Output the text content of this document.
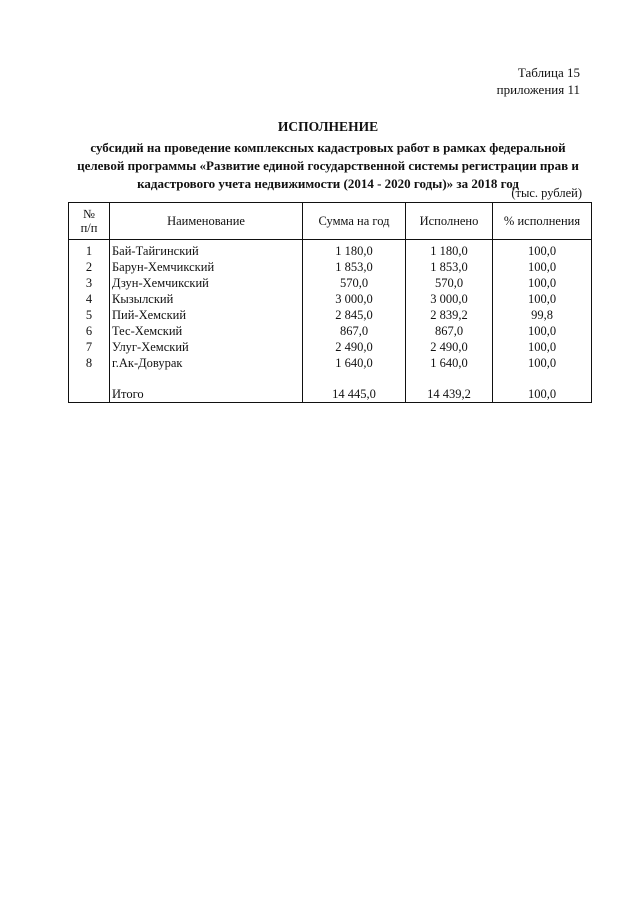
Таблица 15
приложения 11
ИСПОЛНЕНИЕ
субсидий на проведение комплексных кадастровых работ в рамках федеральной
целевой программы «Развитие единой государственной системы регистрации прав и
кадастрового учета недвижимости (2014 - 2020 годы)» за 2018 год
(тыс. рублей)
№
п/п	Наименование	Сумма на год	Исполнено	% исполнения
1	Бай-Тайгинский	1 180,0	1 180,0	100,0
2	Барун-Хемчикский	1 853,0	1 853,0	100,0
3	Дзун-Хемчикский	570,0	570,0	100,0
4	Кызылский	3 000,0	3 000,0	100,0
5	Пий-Хемский	2 845,0	2 839,2	99,8
6	Тес-Хемский	867,0	867,0	100,0
7	Улуг-Хемский	2 490,0	2 490,0	100,0
8	г.Ак-Довурак	1 640,0	1 640,0	100,0

	Итого	14 445,0	14 439,2	100,0
